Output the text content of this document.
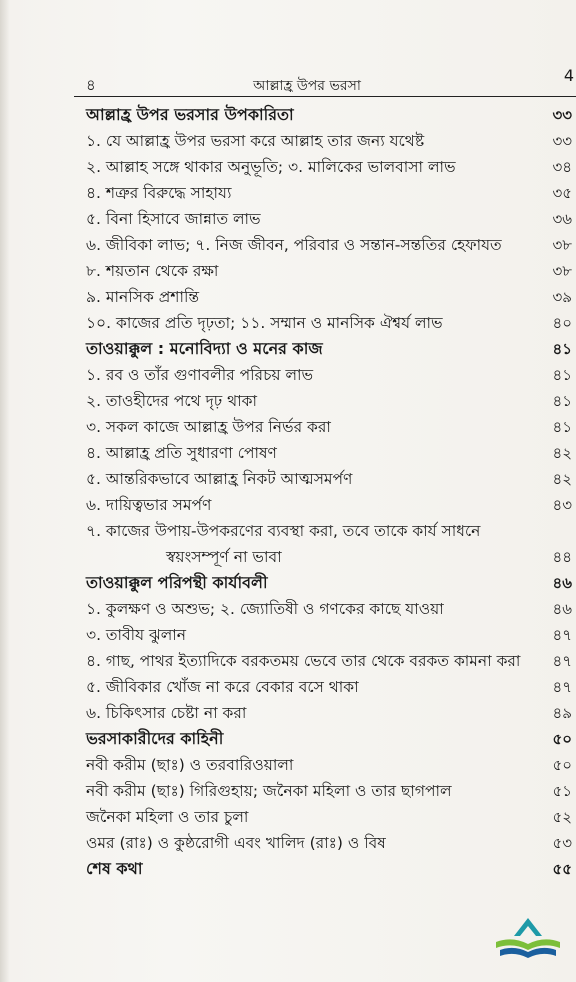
৪	আল্লাহ্র উপর ভরসা
4
আল্লাহ্র উপর ভরসার উপকারিতা	৩৩
১. যে আল্লাহ্র উপর ভরসা করে আল্লাহ তার জন্য যথেষ্ট	৩৩
২. আল্লাহ সঙ্গে থাকার অনুভূতি; ৩. মালিকের ভালবাসা লাভ	৩৪
৪. শত্রুর বিরুদ্ধে সাহায্য	৩৫
৫. বিনা হিসাবে জান্নাত লাভ	৩৬
৬. জীবিকা লাভ; ৭. নিজ জীবন, পরিবার ও সন্তান-সন্ততির হেফাযত	৩৮
৮. শয়তান থেকে রক্ষা	৩৮
৯. মানসিক প্রশান্তি	৩৯
১০. কাজের প্রতি দৃঢ়তা; ১১. সম্মান ও মানসিক ঐশ্বর্য লাভ	৪০
তাওয়াক্কুল : মনোবিদ্যা ও মনের কাজ	৪১
১. রব ও তাঁর গুণাবলীর পরিচয় লাভ	৪১
২. তাওহীদের পথে দৃঢ় থাকা	৪১
৩. সকল কাজে আল্লাহ্র উপর নির্ভর করা	৪১
৪. আল্লাহ্র প্রতি সুধারণা পোষণ	৪২
৫. আন্তরিকভাবে আল্লাহ্র নিকট আত্মসমর্পণ	৪২
৬. দায়িত্বভার সমর্পণ	৪৩
৭. কাজের উপায়-উপকরণের ব্যবস্থা করা, তবে তাকে কার্য সাধনে
স্বয়ংসম্পূর্ণ না ভাবা	৪৪
তাওয়াক্কুল পরিপন্থী কার্যাবলী	৪৬
১. কুলক্ষণ ও অশুভ; ২. জ্যোতিষী ও গণকের কাছে যাওয়া	৪৬
৩. তাবীয ঝুলান	৪৭
৪. গাছ, পাথর ইত্যাদিকে বরকতময় ভেবে তার থেকে বরকত কামনা করা ৪৭
৫. জীবিকার খোঁজ না করে বেকার বসে থাকা	৪৭
৬. চিকিৎসার চেষ্টা না করা	৪৯
ভরসাকারীদের কাহিনী	৫০
নবী করীম (ছাঃ) ও তরবারিওয়ালা	৫০
নবী করীম (ছাঃ) গিরিগুহায়; জনৈকা মহিলা ও তার ছাগপাল	৫১
জনৈকা মহিলা ও তার চুলা	৫২
ওমর (রাঃ) ও কুষ্ঠরোগী এবং খালিদ (রাঃ) ও বিষ	৫৩
শেষ কথা	৫৫
